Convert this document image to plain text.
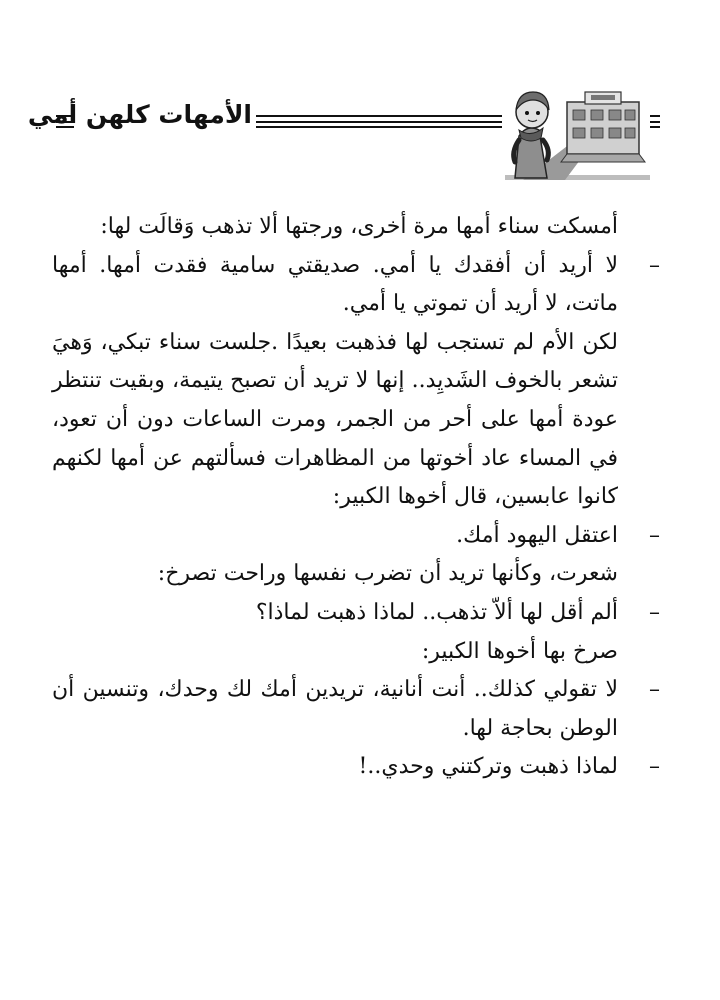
الأمهات كلهن أمي

أمسكت سناء أمها مرة أخرى، ورجتها ألا تذهب وَقالَت لها:

–
لا أريد أن أفقدك يا أمي. صديقتي سامية فقدت أمها. أمها ماتت، لا أريد أن تموتي يا أمي.

لكن الأم لم تستجب لها فذهبت بعيدًا .جلست سناء تبكي، وَهيَ تشعر بالخوف الشَديِد.. إنها لا تريد أن تصبح يتيمة، وبقيت تنتظر عودة أمها على أحر من الجمر، ومرت الساعات دون أن تعود، في المساء عاد أخوتها من المظاهرات فسألتهم عن أمها لكنهم كانوا عابسين، قال أخوها الكبير:

–
اعتقل اليهود أمك.

شعرت، وكأنها تريد أن تضرب نفسها وراحت تصرخ:

–
ألم أقل لها ألاّ تذهب.. لماذا ذهبت لماذا؟

صرخ بها أخوها الكبير:

–
لا تقولي كذلك.. أنت أنانية، تريدين أمك لك وحدك، وتنسين أن الوطن بحاجة لها.

–
لماذا ذهبت وتركتني وحدي..!
